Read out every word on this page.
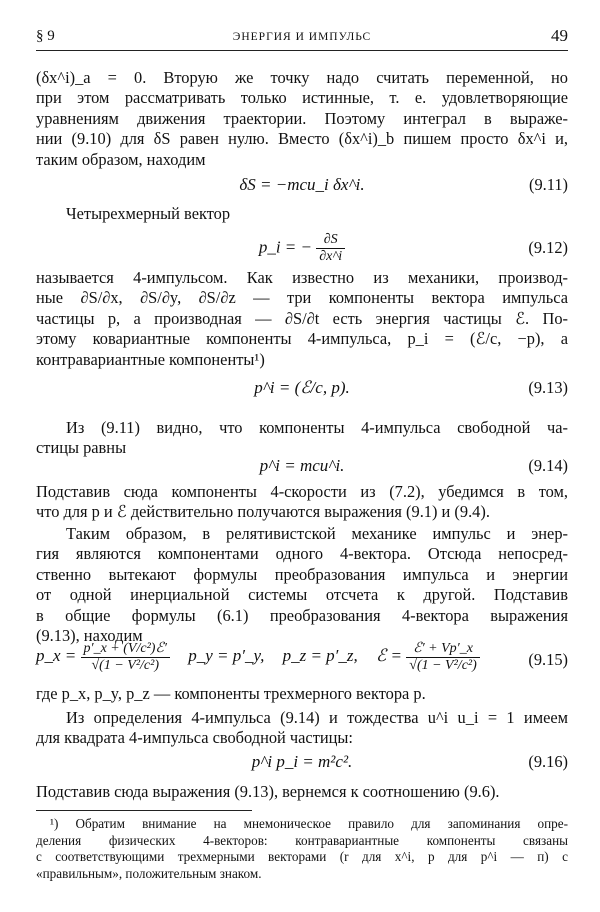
§ 9	ЭНЕРГИЯ И ИМПУЛЬС	49
(δx^i)_a = 0. Вторую же точку надо считать переменной, но
при этом рассматривать только истинные, т. е. удовлетворяющие
уравнениям движения траектории. Поэтому интеграл в выраже-
нии (9.10) для δS равен нулю. Вместо (δx^i)_b пишем просто δx^i и,
таким образом, находим
δS = −mcu_i δx^i.	(9.11)
Четырехмерный вектор
p_i = − $\frac{\partial S}{\partial x\^{}i}$	(9.12)
называется 4-импульсом. Как известно из механики, производ-
ные ∂S/∂x, ∂S/∂y, ∂S/∂z — три компоненты вектора импульса
частицы p, а производная — ∂S/∂t есть энергия частицы ℰ. По-
этому ковариантные компоненты 4-импульса, p_i = (ℰ/c, −p), а
контравариантные компоненты¹)
p^i = (ℰ/c, p).	(9.13)
Из (9.11) видно, что компоненты 4-импульса свободной ча-
стицы равны
p^i = mcu^i.	(9.14)
Подставив сюда компоненты 4-скорости из (7.2), убедимся в том,
что для p и ℰ действительно получаются выражения (9.1) и (9.4).
Таким образом, в релятивистской механике импульс и энер-
гия являются компонентами одного 4-вектора. Отсюда непосред-
ственно вытекают формулы преобразования импульса и энергии
от одной инерциальной системы отсчета к другой. Подставив
в общие формулы (6.1) преобразования 4-вектора выражения
(9.13), находим
p_x = $\frac{\text{p′\_x + (V/c²)ℰ′}}{\text{√(1 − V²/c²)}}$ p_y = p′_y, p_z = p′_z, ℰ = $\frac{\text{ℰ′ + Vp′\_x}}{\text{√(1 − V²/c²)}}$	(9.15)
где p_x, p_y, p_z — компоненты трехмерного вектора p.
Из определения 4-импульса (9.14) и тождества u^i u_i = 1 имеем
для квадрата 4-импульса свободной частицы:
p^i p_i = m²c².	(9.16)
Подставив сюда выражения (9.13), вернемся к соотношению (9.6).
¹) Обратим внимание на мнемоническое правило для запоминания опре-
деления физических 4-векторов: контравариантные компоненты связаны
с соответствующими трехмерными векторами (r для x^i, p для p^i — п) с
«правильным», положительным знаком.
